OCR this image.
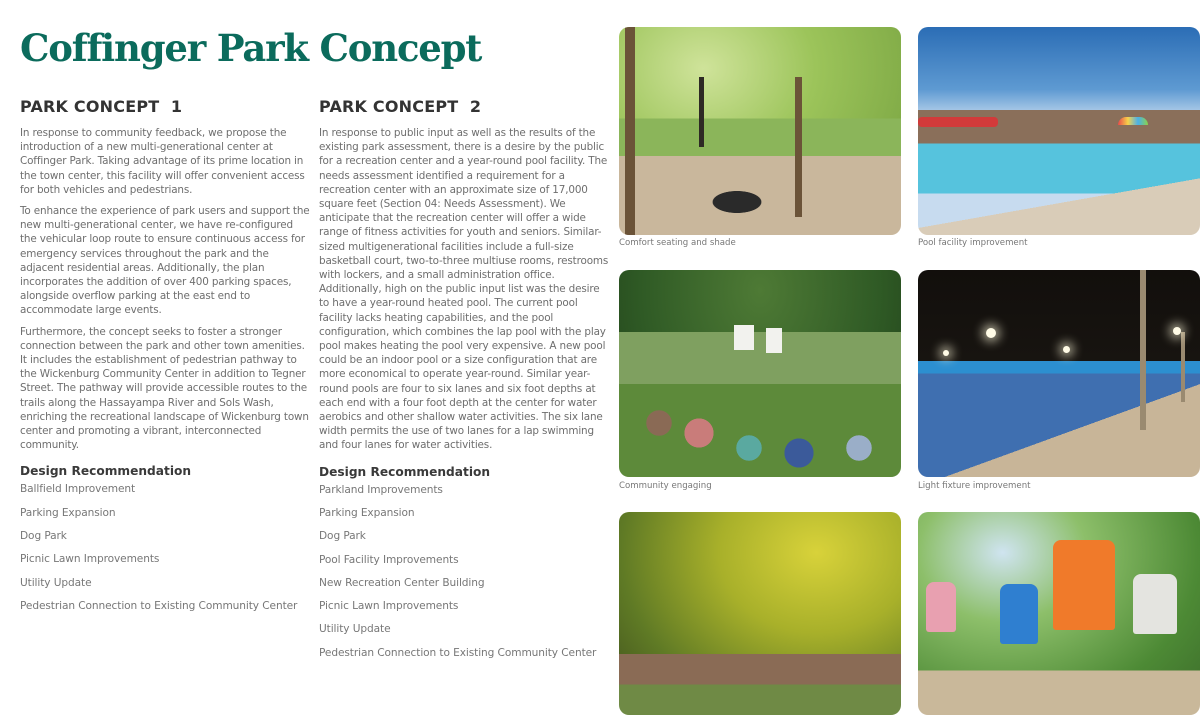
Coffinger Park Concept
PARK CONCEPT  1

In response to community feedback, we propose the introduction of a new multi-generational center at Coffinger Park. Taking advantage of its prime location in the town center, this facility will offer convenient access for both vehicles and pedestrians.

To enhance the experience of park users and support the new multi-generational center, we have re-configured the vehicular loop route to ensure continuous access for emergency services throughout the park and the adjacent residential areas. Additionally, the plan incorporates the addition of over 400 parking spaces, alongside overflow parking at the east end to accommodate large events.

Furthermore, the concept seeks to foster a stronger connection between the park and other town amenities. It includes the establishment of pedestrian pathway to the Wickenburg Community Center in addition to Tegner Street. The pathway will provide accessible routes to the trails along the Hassayampa River and Sols Wash, enriching the recreational landscape of Wickenburg town center and promoting a vibrant, interconnected community.

Design Recommendation
Ballfield Improvement
Parking Expansion
Dog Park
Picnic Lawn Improvements
Utility Update
Pedestrian Connection to Existing Community Center
PARK CONCEPT  2

In response to public input as well as the results of the existing park assessment, there is a desire by the public for a recreation center and a year-round pool facility. The needs assessment identified a requirement for a recreation center with an approximate size of 17,000 square feet (Section 04: Needs Assessment). We anticipate that the recreation center will offer a wide range of fitness activities for youth and seniors. Similar-sized multigenerational facilities include a full-size basketball court, two-to-three multiuse rooms, restrooms with lockers, and a small administration office. Additionally, high on the public input list was the desire to have a year-round heated pool. The current pool facility lacks heating capabilities, and the pool configuration, which combines the lap pool with the play pool makes heating the pool very expensive. A new pool could be an indoor pool or a size configuration that are more economical to operate year-round. Similar year-round pools are four to six lanes and six foot depths at each end with a four foot depth at the center for water aerobics and other shallow water activities. The six lane width permits the use of two lanes for a lap swimming and four lanes for water activities.

Design Recommendation
Parkland Improvements
Parking Expansion
Dog Park
Pool Facility Improvements
New Recreation Center Building
Picnic Lawn Improvements
Utility Update
Pedestrian Connection to Existing Community Center
Comfort seating and shade	Pool facility improvement
Community engaging	Light fixture improvement
